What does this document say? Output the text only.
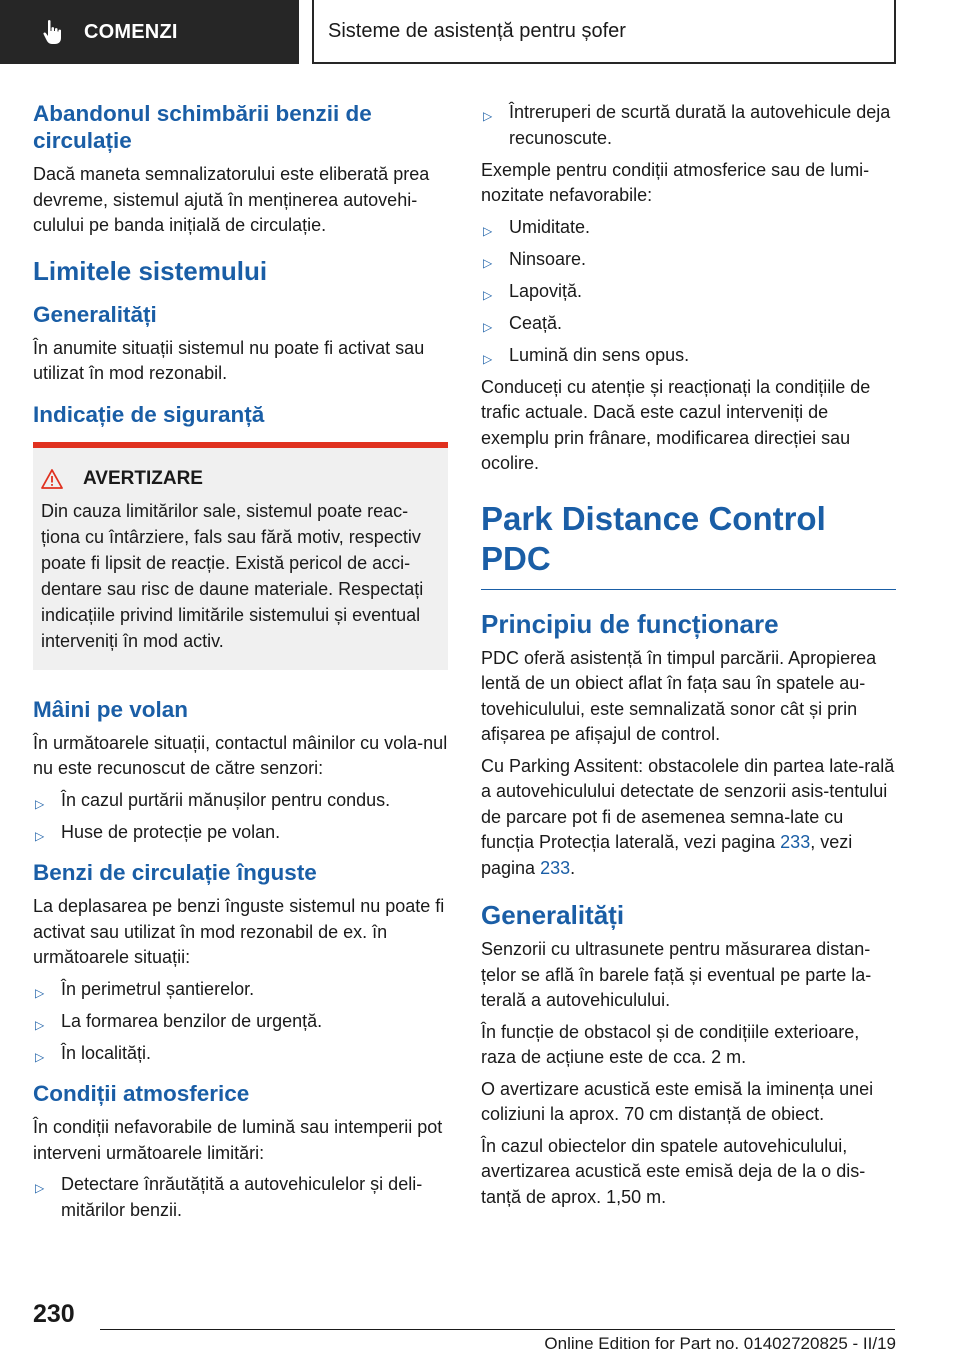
COMENZI	Sisteme de asistență pentru șofer
Abandonul schimbării benzii de circulație

Dacă maneta semnalizatorului este eliberată prea devreme, sistemul ajută în menținerea autovehi-culului pe banda inițială de circulație.

Limitele sistemului
Generalități

În anumite situații sistemul nu poate fi activat sau utilizat în mod rezonabil.

Indicație de siguranță
AVERTIZARE

Din cauza limitărilor sale, sistemul poate reac-ționa cu întârziere, fals sau fără motiv, respectiv poate fi lipsit de reacție. Există pericol de acci-dentare sau risc de daune materiale. Respectați indicațiile privind limitările sistemului și eventual interveniți în mod activ.

Mâini pe volan

În următoarele situații, contactul mâinilor cu vola-nul nu este recunoscut de către senzori:

▷ În cazul purtării mănușilor pentru condus.
▷ Huse de protecție pe volan.
Benzi de circulație înguste

La deplasarea pe benzi înguste sistemul nu poate fi activat sau utilizat în mod rezonabil de ex. în următoarele situații:

▷ În perimetrul șantierelor.
▷ La formarea benzilor de urgență.
▷ În localități.
Condiții atmosferice

În condiții nefavorabile de lumină sau intemperii pot interveni următoarele limitări:

▷ Detectare înrăutățită a autovehiculelor și deli-mitărilor benzii.
▷ Întreruperi de scurtă durată la autovehicule deja recunoscute.

Exemple pentru condiții atmosferice sau de lumi-nozitate nefavorabile:

▷ Umiditate.
▷ Ninsoare.
▷ Lapoviță.
▷ Ceață.
▷ Lumină din sens opus.

Conduceți cu atenție și reacționați la condițiile de trafic actuale. Dacă este cazul interveniți de exemplu prin frânare, modificarea direcției sau ocolire.

Park Distance Control PDC
Principiu de funcționare

PDC oferă asistență în timpul parcării. Apropierea lentă de un obiect aflat în fața sau în spatele au-tovehiculului, este semnalizată sonor cât și prin afișarea pe afișajul de control.

Cu Parking Assitent: obstacolele din partea late-rală a autovehiculului detectate de senzorii asis-tentului de parcare pot fi de asemenea semna-late cu funcția Protecția laterală, vezi pagina 233, vezi pagina 233.

Generalități

Senzorii cu ultrasunete pentru măsurarea distan-țelor se află în barele față și eventual pe parte la-terală a autovehiculului.

În funcție de obstacol și de condițiile exterioare, raza de acțiune este de cca. 2 m.

O avertizare acustică este emisă la iminența unei coliziuni la aprox. 70 cm distanță de obiect.

În cazul obiectelor din spatele autovehiculului, avertizarea acustică este emisă deja de la o dis-tanță de aprox. 1,50 m.

230
Online Edition for Part no. 01402720825 - II/19
